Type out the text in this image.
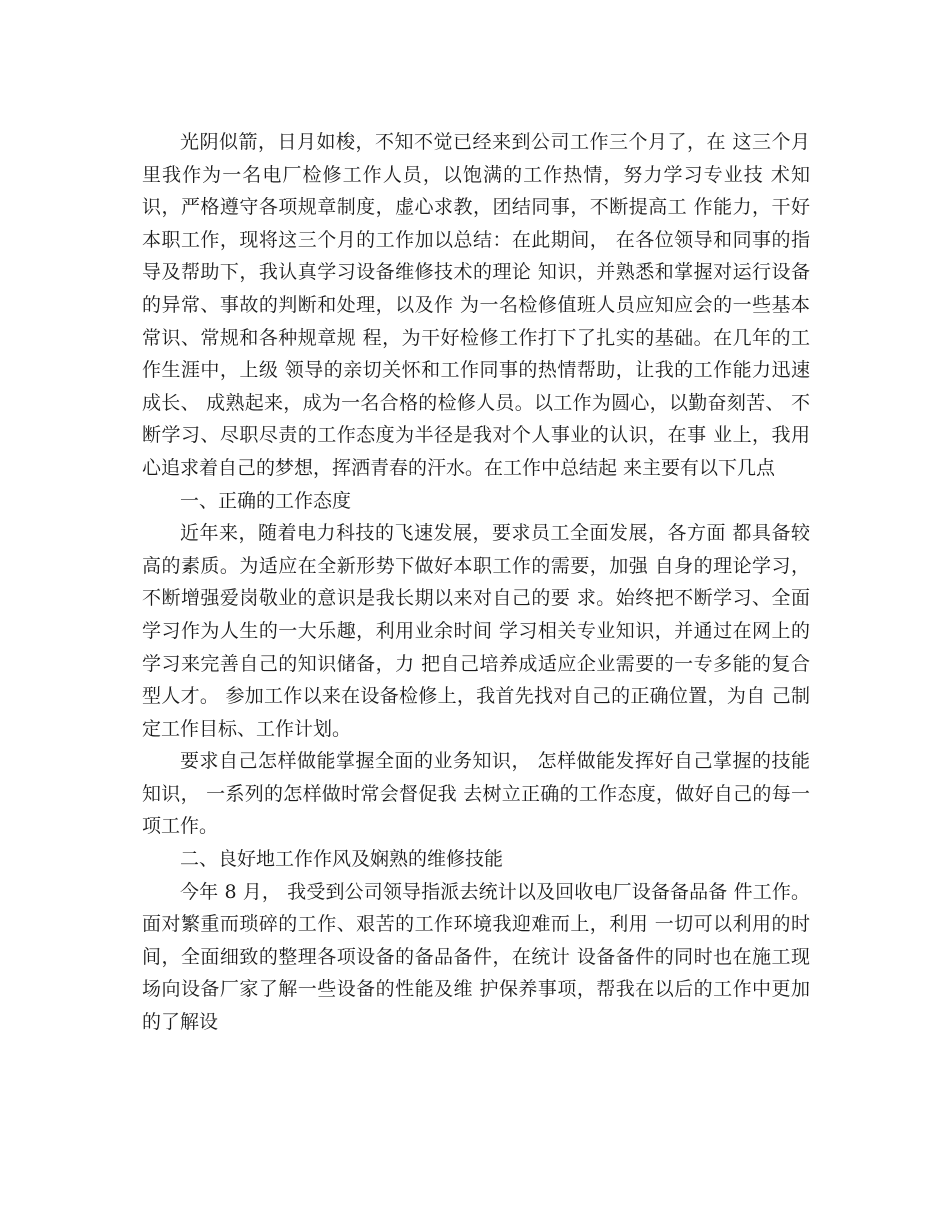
光阴似箭，日月如梭，不知不觉已经来到公司工作三个月了，在 这三个月里我作为一名电厂检修工作人员，以饱满的工作热情，努力学习专业技 术知识，严格遵守各项规章制度，虚心求教，团结同事，不断提高工 作能力，干好本职工作，现将这三个月的工作加以总结：在此期间， 在各位领导和同事的指导及帮助下，我认真学习设备维修技术的理论 知识，并熟悉和掌握对运行设备的异常、事故的判断和处理，以及作 为一名检修值班人员应知应会的一些基本常识、常规和各种规章规 程，为干好检修工作打下了扎实的基础。在几年的工作生涯中，上级 领导的亲切关怀和工作同事的热情帮助，让我的工作能力迅速成长、 成熟起来，成为一名合格的检修人员。以工作为圆心，以勤奋刻苦、 不断学习、尽职尽责的工作态度为半径是我对个人事业的认识，在事 业上，我用心追求着自己的梦想，挥洒青春的汗水。在工作中总结起 来主要有以下几点

一、正确的工作态度

近年来，随着电力科技的飞速发展，要求员工全面发展，各方面 都具备较高的素质。为适应在全新形势下做好本职工作的需要，加强 自身的理论学习， 不断增强爱岗敬业的意识是我长期以来对自己的要 求。始终把不断学习、全面学习作为人生的一大乐趣，利用业余时间 学习相关专业知识，并通过在网上的学习来完善自己的知识储备，力 把自己培养成适应企业需要的一专多能的复合型人才。 参加工作以来在设备检修上，我首先找对自己的正确位置，为自 己制定工作目标、工作计划。

要求自己怎样做能掌握全面的业务知识， 怎样做能发挥好自己掌握的技能知识， 一系列的怎样做时常会督促我 去树立正确的工作态度，做好自己的每一项工作。

二、良好地工作作风及娴熟的维修技能

今年 8 月， 我受到公司领导指派去统计以及回收电厂设备备品备 件工作。面对繁重而琐碎的工作、艰苦的工作环境我迎难而上，利用 一切可以利用的时间，全面细致的整理各项设备的备品备件，在统计 设备备件的同时也在施工现场向设备厂家了解一些设备的性能及维 护保养事项，帮我在以后的工作中更加的了解设
